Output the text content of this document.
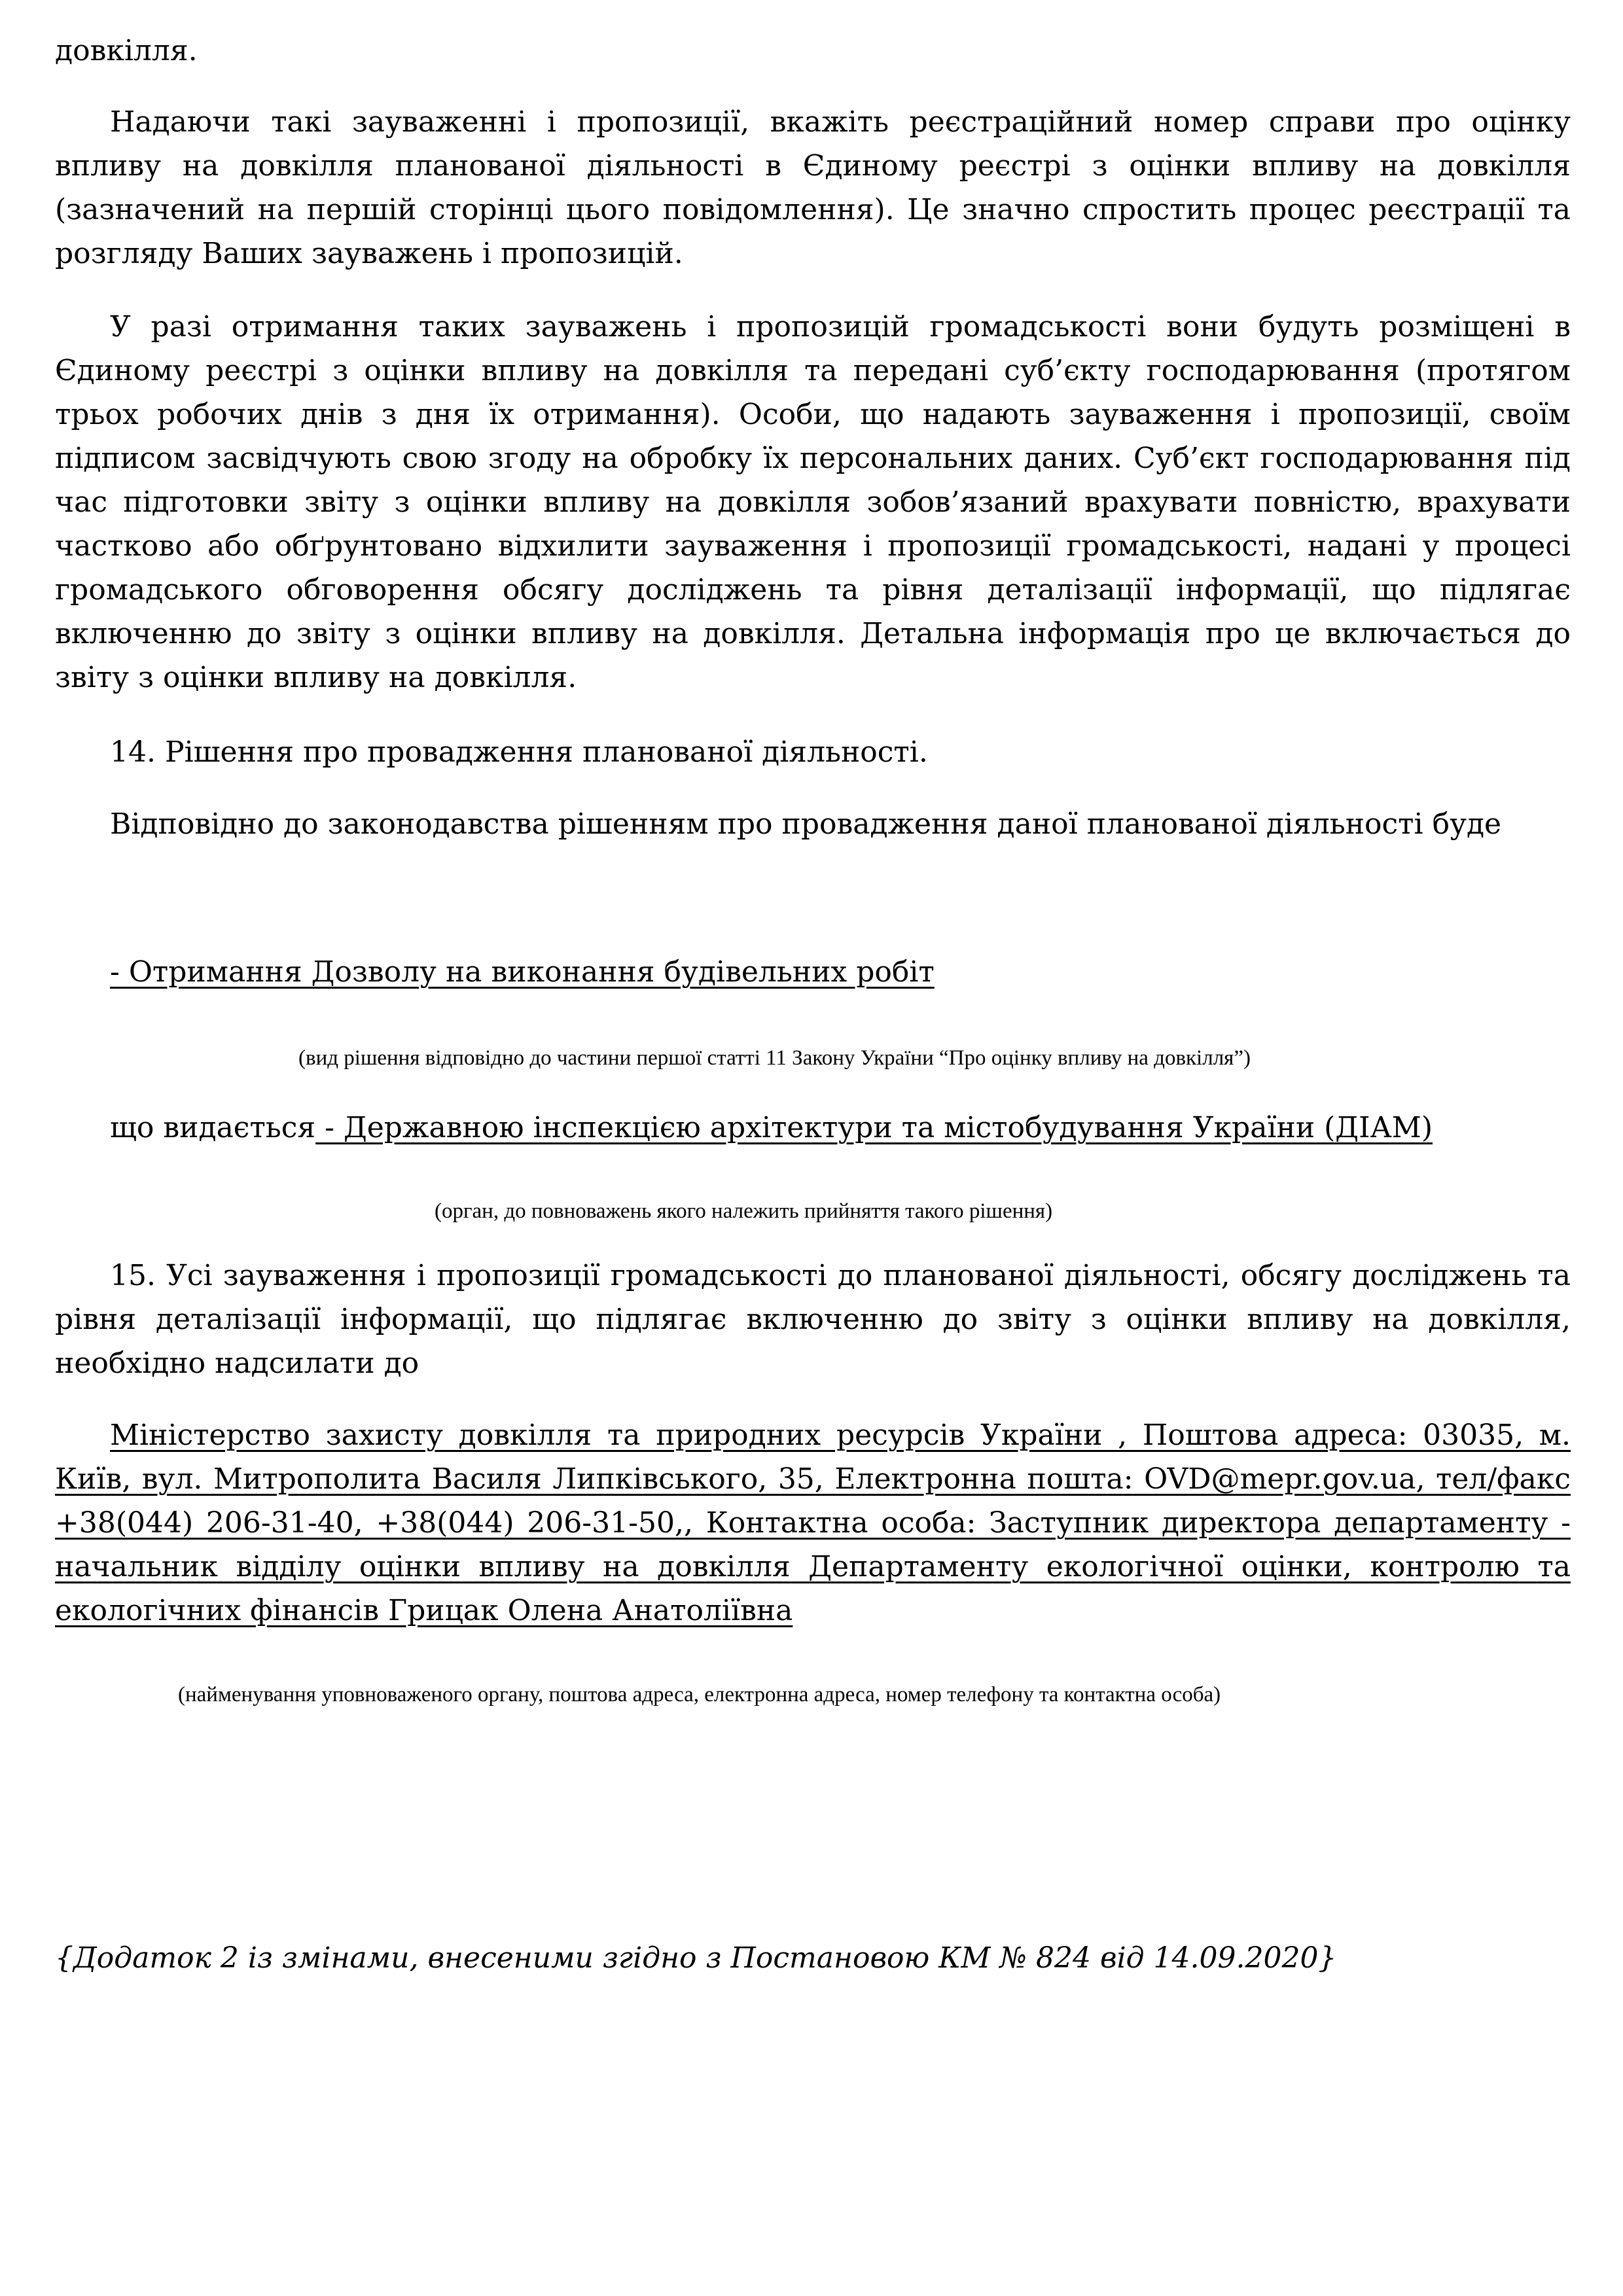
довкілля.

Надаючи такі зауваженні і пропозиції, вкажіть реєстраційний номер справи про оцінку впливу на довкілля планованої діяльності в Єдиному реєстрі з оцінки впливу на довкілля (зазначений на першій сторінці цього повідомлення). Це значно спростить процес реєстрації та розгляду Ваших зауважень і пропозицій.

У разі отримання таких зауважень і пропозицій громадськості вони будуть розміщені в Єдиному реєстрі з оцінки впливу на довкілля та передані суб’єкту господарювання (протягом трьох робочих днів з дня їх отримання). Особи, що надають зауваження і пропозиції, своїм підписом засвідчують свою згоду на обробку їх персональних даних. Суб’єкт господарювання під час підготовки звіту з оцінки впливу на довкілля зобов’язаний врахувати повністю, врахувати частково або обґрунтовано відхилити зауваження і пропозиції громадськості, надані у процесі громадського обговорення обсягу досліджень та рівня деталізації інформації, що підлягає включенню до звіту з оцінки впливу на довкілля. Детальна інформація про це включається до звіту з оцінки впливу на довкілля.

14. Рішення про провадження планованої діяльності.

Відповідно до законодавства рішенням про провадження даної планованої діяльності буде

- Отримання Дозволу на виконання будівельних робіт

(вид рішення відповідно до частини першої статті 11 Закону України “Про оцінку впливу на довкілля”)

що видається - Державною інспекцією архітектури та містобудування України (ДІАМ)

(орган, до повноважень якого належить прийняття такого рішення)

15. Усі зауваження і пропозиції громадськості до планованої діяльності, обсягу досліджень та рівня деталізації інформації, що підлягає включенню до звіту з оцінки впливу на довкілля, необхідно надсилати до

Міністерство захисту довкілля та природних ресурсів України , Поштова адреса: 03035, м. Київ, вул. Митрополита Василя Липківського, 35, Електронна пошта: OVD@mepr.gov.ua, тел/факс +38(044) 206-31-40, +38(044) 206-31-50,, Контактна особа: Заступник директора департаменту - начальник відділу оцінки впливу на довкілля Департаменту екологічної оцінки, контролю та екологічних фінансів Грицак Олена Анатоліївна

(найменування уповноваженого органу, поштова адреса, електронна адреса, номер телефону та контактна особа)

{Додаток 2 із змінами, внесеними згідно з Постановою КМ № 824 від 14.09.2020}
